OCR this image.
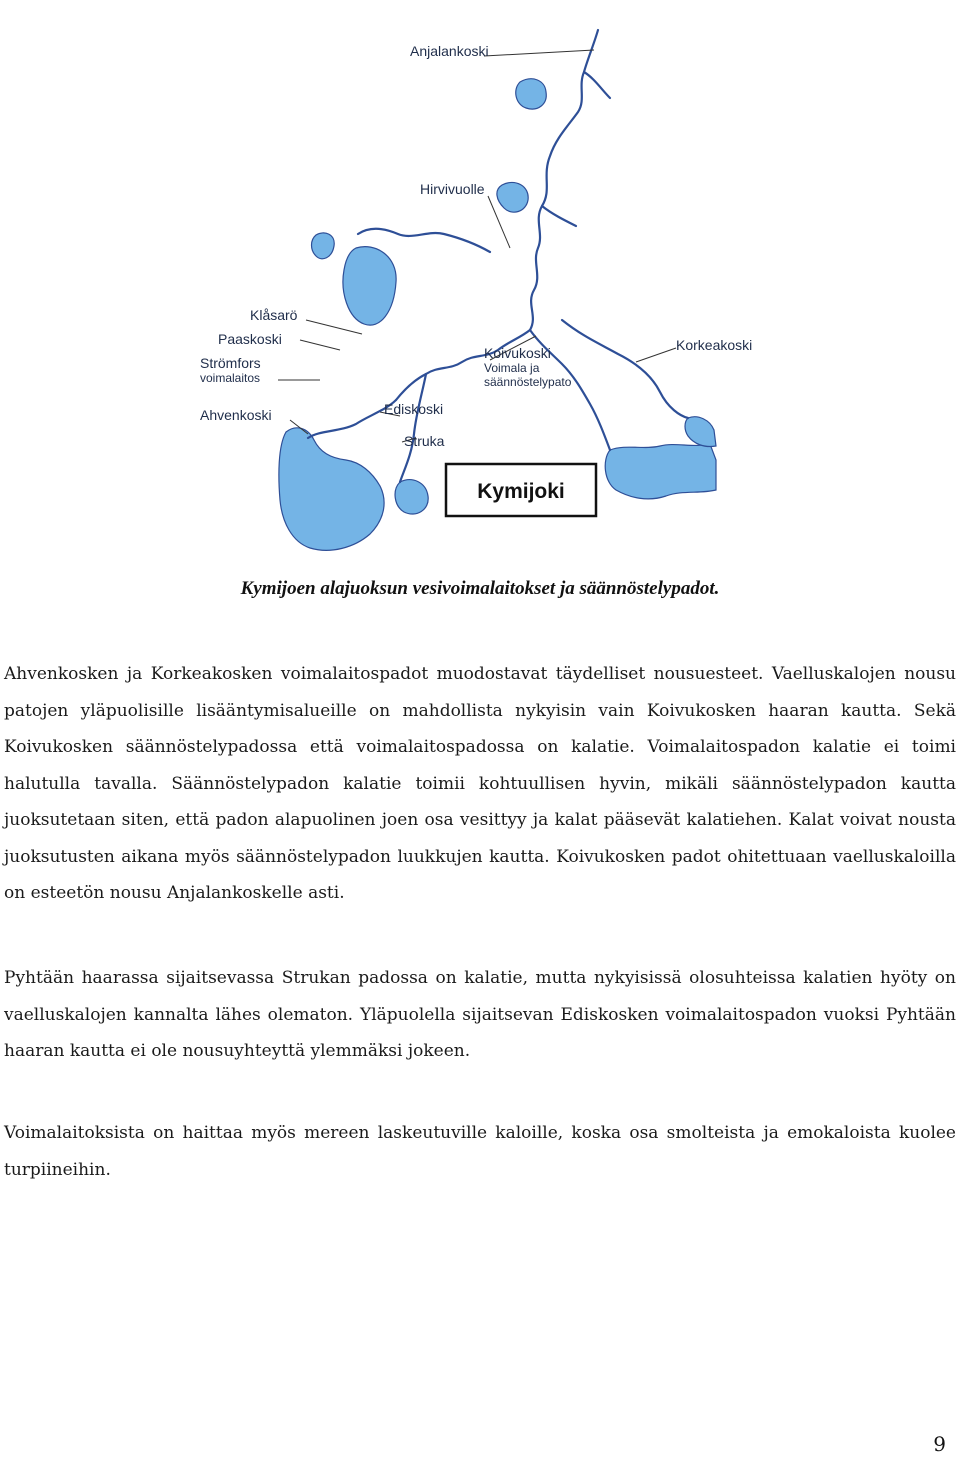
Anjalankoski
Hirvivuolle
Klåsarö
Paaskoski
Strömfors
voimalaitos
Ahvenkoski	Ediskoski
Struka
Koivukoski
Voimala ja
säännöstelypato
Korkeakoski
Kymijoki
Kymijoen alajuoksun vesivoimalaitokset ja säännöstelypadot.

Ahvenkosken ja Korkeakosken voimalaitospadot muodostavat täydelliset nousuesteet. Vaelluskalojen nousu patojen yläpuolisille lisääntymisalueille on mahdollista nykyisin vain Koivukosken haaran kautta. Sekä Koivukosken säännöstelypadossa että voimalaitospadossa on kalatie. Voimalaitospadon kalatie ei toimi halutulla tavalla. Säännöstelypadon kalatie toimii kohtuullisen hyvin, mikäli säännöstelypadon kautta juoksutetaan siten, että padon alapuolinen joen osa vesittyy ja kalat pääsevät kalatiehen. Kalat voivat nousta juoksutusten aikana myös säännöstelypadon luukkujen kautta. Koivukosken padot ohitettuaan vaelluskaloilla on esteetön nousu Anjalankoskelle asti.

Pyhtään haarassa sijaitsevassa Strukan padossa on kalatie, mutta nykyisissä olosuhteissa kalatien hyöty on vaelluskalojen kannalta lähes olematon. Yläpuolella sijaitsevan Ediskosken voimalaitospadon vuoksi Pyhtään haaran kautta ei ole nousuyhteyttä ylemmäksi jokeen.

Voimalaitoksista on haittaa myös mereen laskeutuville kaloille, koska osa smolteista ja emokaloista kuolee turpiineihin.

9
